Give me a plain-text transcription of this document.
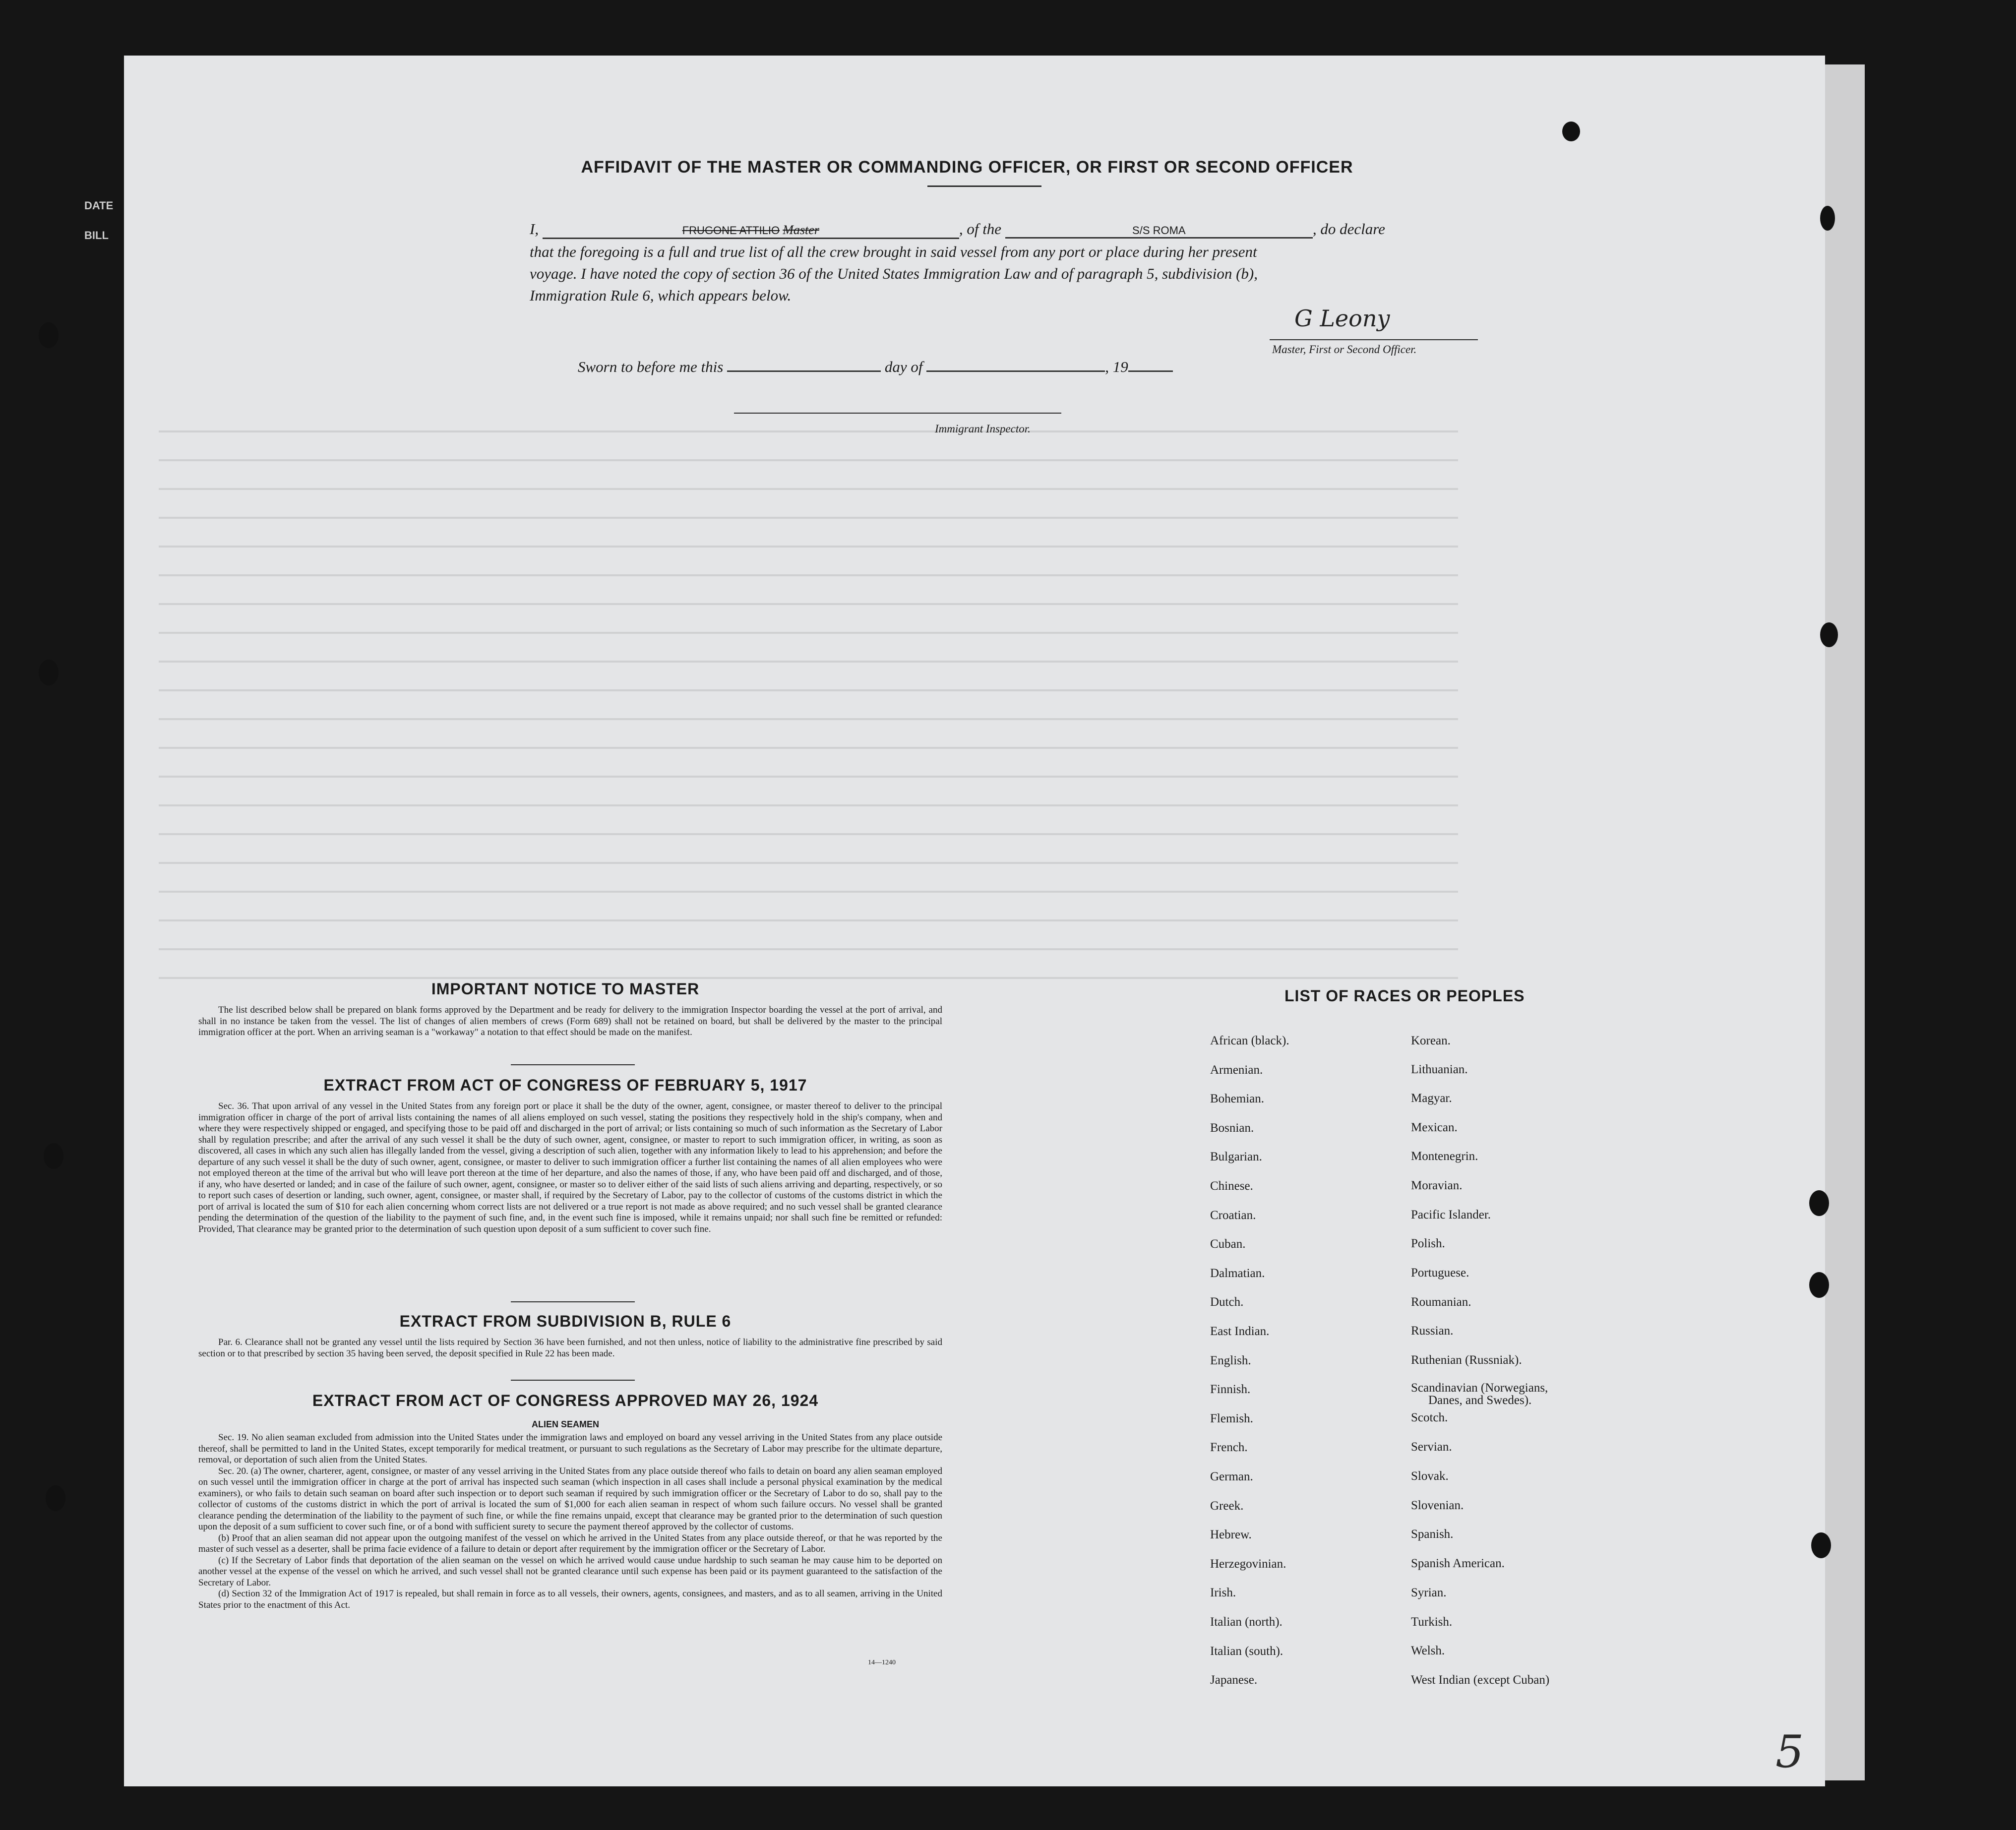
DATE
BILL
AFFIDAVIT OF THE MASTER OR COMMANDING OFFICER, OR FIRST OR SECOND OFFICER
I,	FRUGONE ATTILIO Master	, of the	S/S ROMA	, do declare
that the foregoing is a full and true list of all the crew brought in said vessel from any port or place during her present
voyage. I have noted the copy of section 36 of the United States Immigration Law and of paragraph 5, subdivision (b),
Immigration Rule 6, which appears below.
G Leony
Master, First or Second Officer.
Sworn to before me this	day of	, 19
Immigrant Inspector.
IMPORTANT NOTICE TO MASTER

The list described below shall be prepared on blank forms approved by the Department and be ready for delivery to the immigration Inspector boarding the vessel at the port of arrival, and shall in no instance be taken from the vessel. The list of changes of alien members of crews (Form 689) shall not be retained on board, but shall be delivered by the master to the principal immigration officer at the port. When an arriving seaman is a "workaway" a notation to that effect should be made on the manifest.

EXTRACT FROM ACT OF CONGRESS OF FEBRUARY 5, 1917

Sec. 36. That upon arrival of any vessel in the United States from any foreign port or place it shall be the duty of the owner, agent, consignee, or master thereof to deliver to the principal immigration officer in charge of the port of arrival lists containing the names of all aliens employed on such vessel, stating the positions they respectively hold in the ship's company, when and where they were respectively shipped or engaged, and specifying those to be paid off and discharged in the port of arrival; or lists containing so much of such information as the Secretary of Labor shall by regulation prescribe; and after the arrival of any such vessel it shall be the duty of such owner, agent, consignee, or master to report to such immigration officer, in writing, as soon as discovered, all cases in which any such alien has illegally landed from the vessel, giving a description of such alien, together with any information likely to lead to his apprehension; and before the departure of any such vessel it shall be the duty of such owner, agent, consignee, or master to deliver to such immigration officer a further list containing the names of all alien employees who were not employed thereon at the time of the arrival but who will leave port thereon at the time of her departure, and also the names of those, if any, who have been paid off and discharged, and of those, if any, who have deserted or landed; and in case of the failure of such owner, agent, consignee, or master so to deliver either of the said lists of such aliens arriving and departing, respectively, or so to report such cases of desertion or landing, such owner, agent, consignee, or master shall, if required by the Secretary of Labor, pay to the collector of customs of the customs district in which the port of arrival is located the sum of $10 for each alien concerning whom correct lists are not delivered or a true report is not made as above required; and no such vessel shall be granted clearance pending the determination of the question of the liability to the payment of such fine, and, in the event such fine is imposed, while it remains unpaid; nor shall such fine be remitted or refunded: Provided, That clearance may be granted prior to the determination of such question upon deposit of a sum sufficient to cover such fine.

EXTRACT FROM SUBDIVISION B, RULE 6

Par. 6. Clearance shall not be granted any vessel until the lists required by Section 36 have been furnished, and not then unless, notice of liability to the administrative fine prescribed by said section or to that prescribed by section 35 having been served, the deposit specified in Rule 22 has been made.

EXTRACT FROM ACT OF CONGRESS APPROVED MAY 26, 1924
ALIEN SEAMEN

Sec. 19. No alien seaman excluded from admission into the United States under the immigration laws and employed on board any vessel arriving in the United States from any place outside thereof, shall be permitted to land in the United States, except temporarily for medical treatment, or pursuant to such regulations as the Secretary of Labor may prescribe for the ultimate departure, removal, or deportation of such alien from the United States.

Sec. 20. (a) The owner, charterer, agent, consignee, or master of any vessel arriving in the United States from any place outside thereof who fails to detain on board any alien seaman employed on such vessel until the immigration officer in charge at the port of arrival has inspected such seaman (which inspection in all cases shall include a personal physical examination by the medical examiners), or who fails to detain such seaman on board after such inspection or to deport such seaman if required by such immigration officer or the Secretary of Labor to do so, shall pay to the collector of customs of the customs district in which the port of arrival is located the sum of $1,000 for each alien seaman in respect of whom such failure occurs. No vessel shall be granted clearance pending the determination of the liability to the payment of such fine, or while the fine remains unpaid, except that clearance may be granted prior to the determination of such question upon the deposit of a sum sufficient to cover such fine, or of a bond with sufficient surety to secure the payment thereof approved by the collector of customs.

(b) Proof that an alien seaman did not appear upon the outgoing manifest of the vessel on which he arrived in the United States from any place outside thereof, or that he was reported by the master of such vessel as a deserter, shall be prima facie evidence of a failure to detain or deport after requirement by the immigration officer or the Secretary of Labor.

(c) If the Secretary of Labor finds that deportation of the alien seaman on the vessel on which he arrived would cause undue hardship to such seaman he may cause him to be deported on another vessel at the expense of the vessel on which he arrived, and such vessel shall not be granted clearance until such expense has been paid or its payment guaranteed to the satisfaction of the Secretary of Labor.

(d) Section 32 of the Immigration Act of 1917 is repealed, but shall remain in force as to all vessels, their owners, agents, consignees, and masters, and as to all seamen, arriving in the United States prior to the enactment of this Act.

14—1240
LIST OF RACES OR PEOPLES
African (black).
Armenian.
Bohemian.
Bosnian.
Bulgarian.
Chinese.
Croatian.
Cuban.
Dalmatian.
Dutch.
East Indian.
English.
Finnish.
Flemish.
French.
German.
Greek.
Hebrew.
Herzegovinian.
Irish.
Italian (north).
Italian (south).
Japanese.
Korean.
Lithuanian.
Magyar.
Mexican.
Montenegrin.
Moravian.
Pacific Islander.
Polish.
Portuguese.
Roumanian.
Russian.
Ruthenian (Russniak).
Scandinavian (Norwegians,
Danes, and Swedes).
Scotch.
Servian.
Slovak.
Slovenian.
Spanish.
Spanish American.
Syrian.
Turkish.
Welsh.
West Indian (except Cuban)
5
